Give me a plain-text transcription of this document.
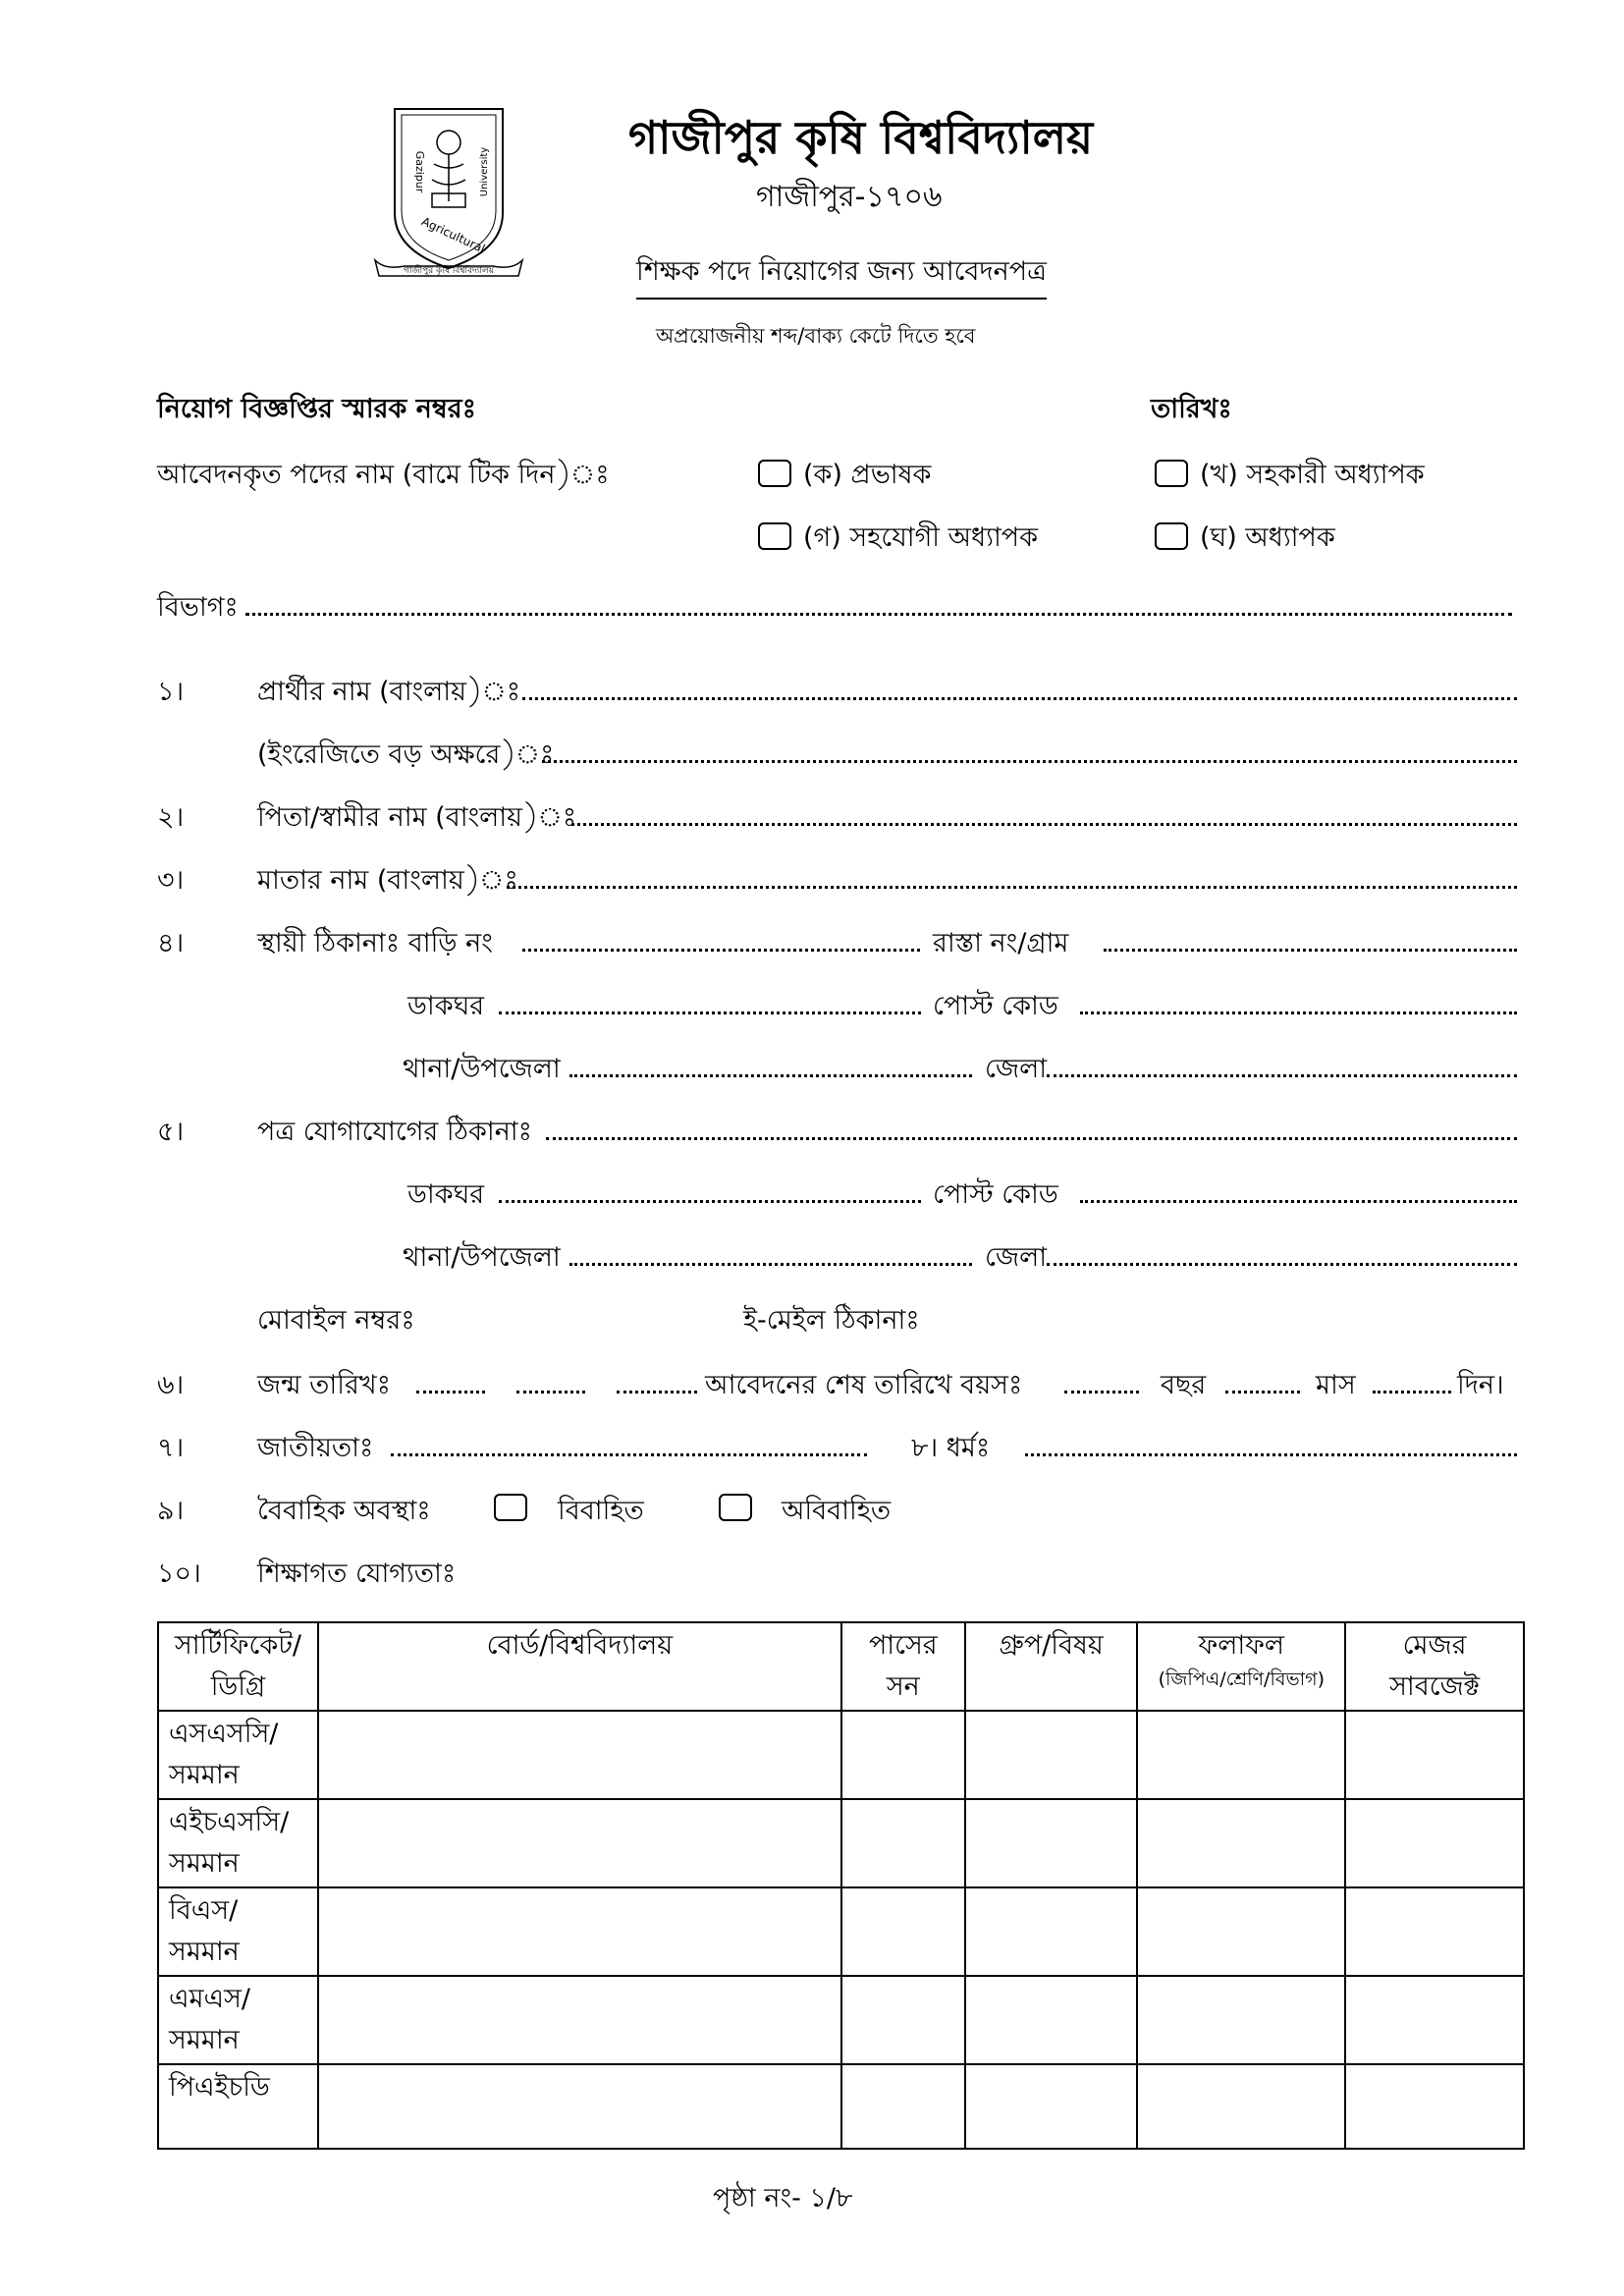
Gazipur	University
Agricultural
গাজীপুর কৃষি বিশ্ববিদ্যালয়
গাজীপুর কৃষি বিশ্ববিদ্যালয়
গাজীপুর-১৭০৬
শিক্ষক পদে নিয়োগের জন্য আবেদনপত্র
অপ্রয়োজনীয় শব্দ/বাক্য কেটে দিতে হবে
নিয়োগ বিজ্ঞপ্তির স্মারক নম্বরঃ	তারিখঃ
আবেদনকৃত পদের নাম (বামে টিক দিন)ঃ	(ক) প্রভাষক	(খ) সহকারী অধ্যাপক
(গ) সহযোগী অধ্যাপক	(ঘ) অধ্যাপক
বিভাগঃ
১।	প্রার্থীর নাম (বাংলায়)ঃ
(ইংরেজিতে বড় অক্ষরে)ঃ
২।	পিতা/স্বামীর নাম (বাংলায়)ঃ
৩।	মাতার নাম (বাংলায়)ঃ
৪।	স্থায়ী ঠিকানাঃ বাড়ি নং	রাস্তা নং/গ্রাম
ডাকঘর	পোস্ট কোড
থানা/উপজেলা	জেলা
৫।	পত্র যোগাযোগের ঠিকানাঃ
ডাকঘর	পোস্ট কোড
থানা/উপজেলা	জেলা
মোবাইল নম্বরঃ	ই-মেইল ঠিকানাঃ
৬।	জন্ম তারিখঃ	আবেদনের শেষ তারিখে বয়সঃ	বছর	মাস	দিন।
৭।	জাতীয়তাঃ	৮। ধর্মঃ
৯।	বৈবাহিক অবস্থাঃ	বিবাহিত	অবিবাহিত
১০। শিক্ষাগত যোগ্যতাঃ
সার্টিফিকেট/ ডিগ্রি	বোর্ড/বিশ্ববিদ্যালয়	পাসের সন	গ্রুপ/বিষয়	ফলাফল
(জিপিএ/শ্রেণি/বিভাগ)	মেজর সাবজেক্ট
এসএসসি/ সমমান					
এইচএসসি/ সমমান					
বিএস/ সমমান					
এমএস/ সমমান					
পিএইচডি					
পৃষ্ঠা নং- ১/৮
